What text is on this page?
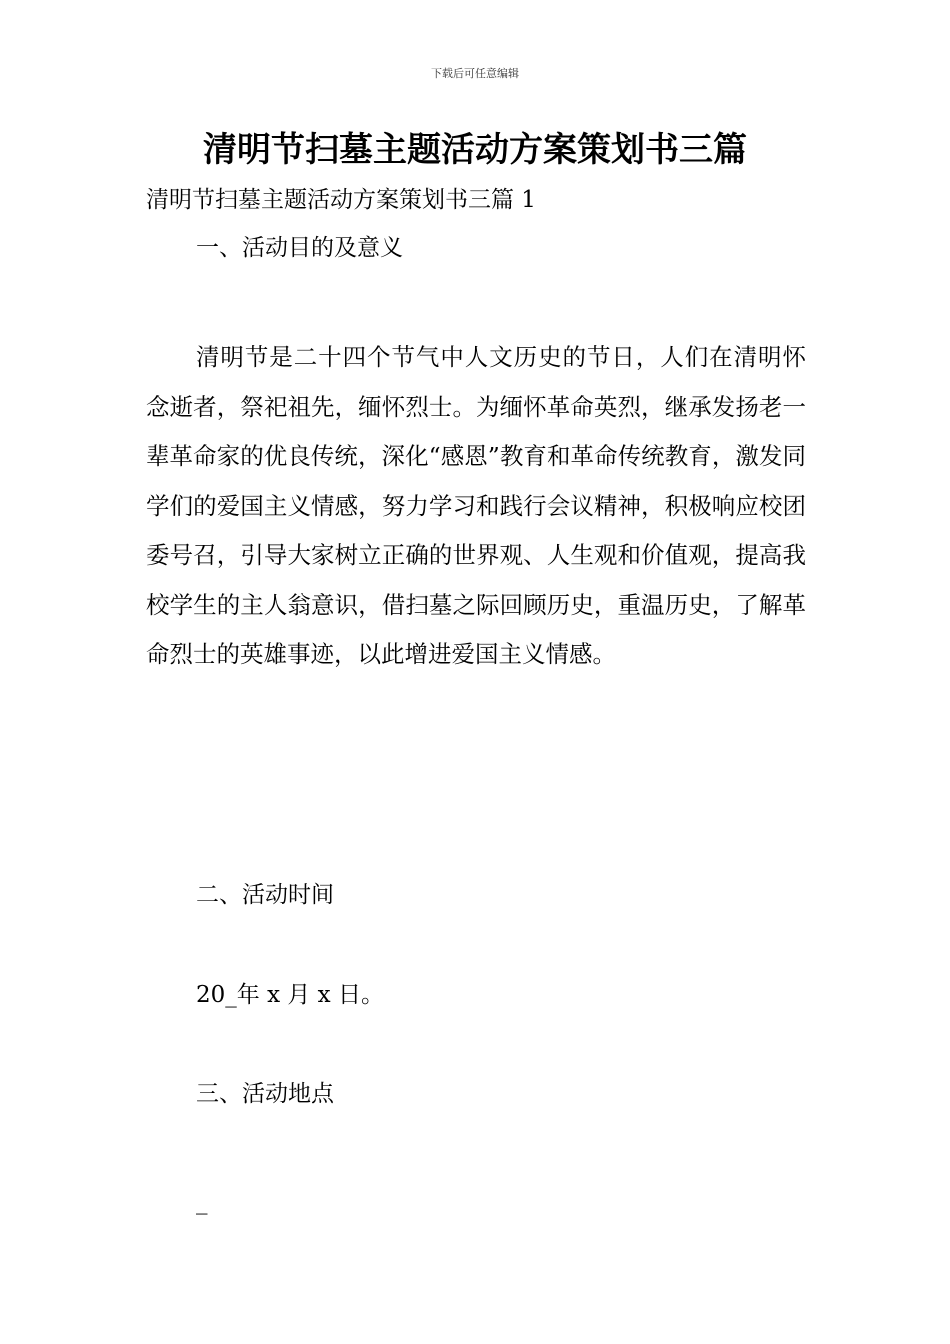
下载后可任意编辑
清明节扫墓主题活动方案策划书三篇
清明节扫墓主题活动方案策划书三篇 1
一、活动目的及意义

清明节是二十四个节气中人文历史的节日，人们在清明怀念逝者，祭祀祖先，缅怀烈士。为缅怀革命英烈，继承发扬老一辈革命家的优良传统，深化“感恩”教育和革命传统教育，激发同学们的爱国主义情感，努力学习和践行会议精神，积极响应校团委号召，引导大家树立正确的世界观、人生观和价值观，提高我校学生的主人翁意识，借扫墓之际回顾历史，重温历史，了解革命烈士的英雄事迹，以此增进爱国主义情感。

二、活动时间

20_年 x 月 x 日。

三、活动地点

_
